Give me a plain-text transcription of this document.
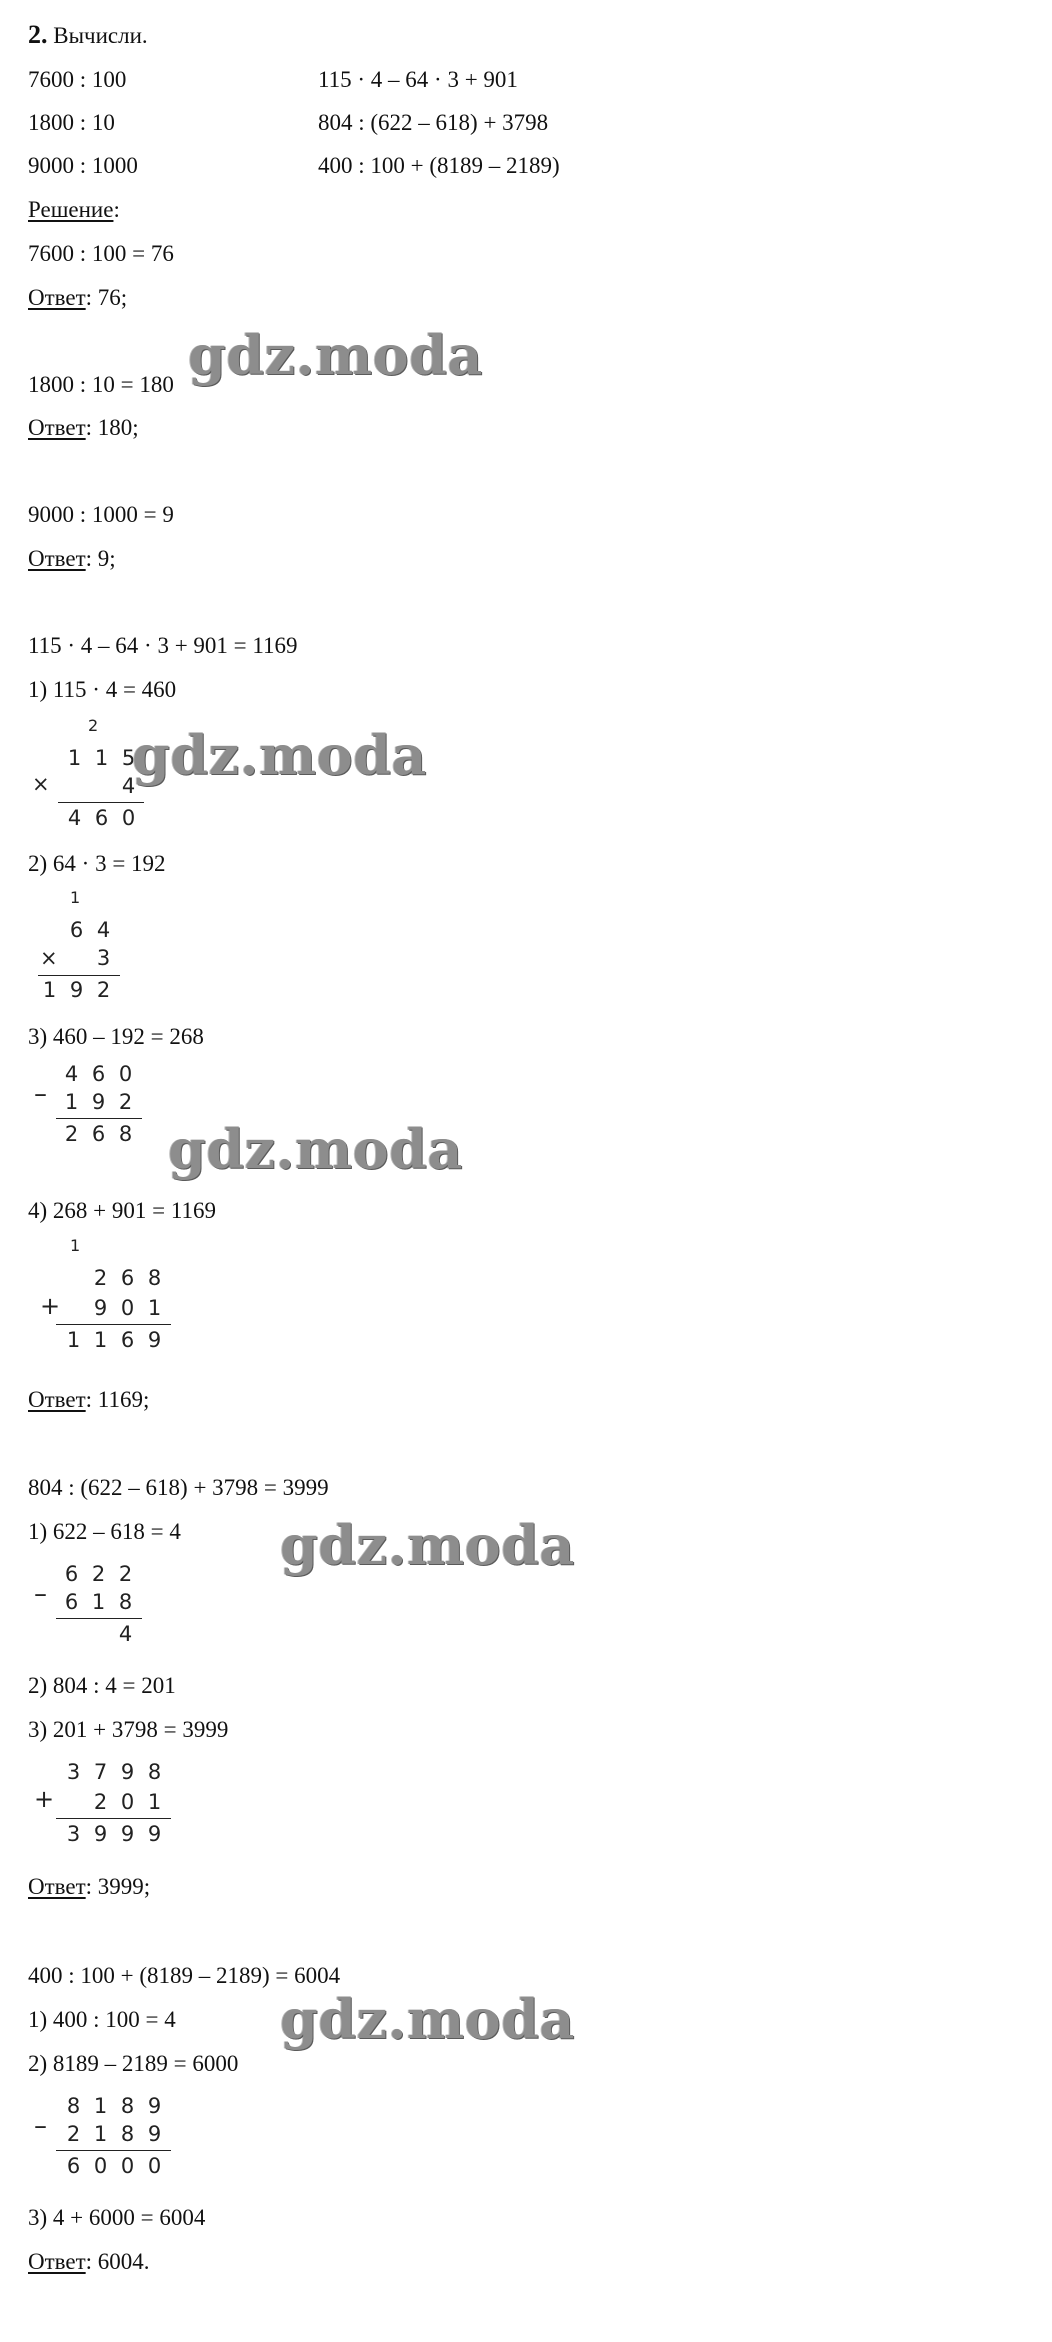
2. Вычисли.
7600 : 100
1800 : 10
9000 : 1000
115 · 4 – 64 · 3 + 901
804 : (622 – 618) + 3798
400 : 100 + (8189 – 2189)
Решение:
7600 : 100 = 76
Ответ: 76;
1800 : 10 = 180
Ответ: 180;
9000 : 1000 = 9
Ответ: 9;
115 · 4 – 64 · 3 + 901 = 1169
1) 115 · 4 = 460
2
1 1 5
×	4
4 6 0
2) 64 · 3 = 192
1
6 4
×	3
1 9 2
3) 460 – 192 = 268
4 6 0
– 1 9 2
2 6 8
4) 268 + 901 = 1169
1
2 6 8
+	9 0 1
1 1 6 9
Ответ: 1169;
804 : (622 – 618) + 3798 = 3999
1) 622 – 618 = 4
6 2 2
– 6 1 8
4
2) 804 : 4 = 201
3) 201 + 3798 = 3999
3 7 9 8
+	2 0 1
3 9 9 9
Ответ: 3999;
400 : 100 + (8189 – 2189) = 6004
1) 400 : 100 = 4
2) 8189 – 2189 = 6000
8 1 8 9
– 2 1 8 9
6 0 0 0
3) 4 + 6000 = 6004
Ответ: 6004.
gdz.moda
gdz.moda
gdz.moda
gdz.moda
gdz.moda
